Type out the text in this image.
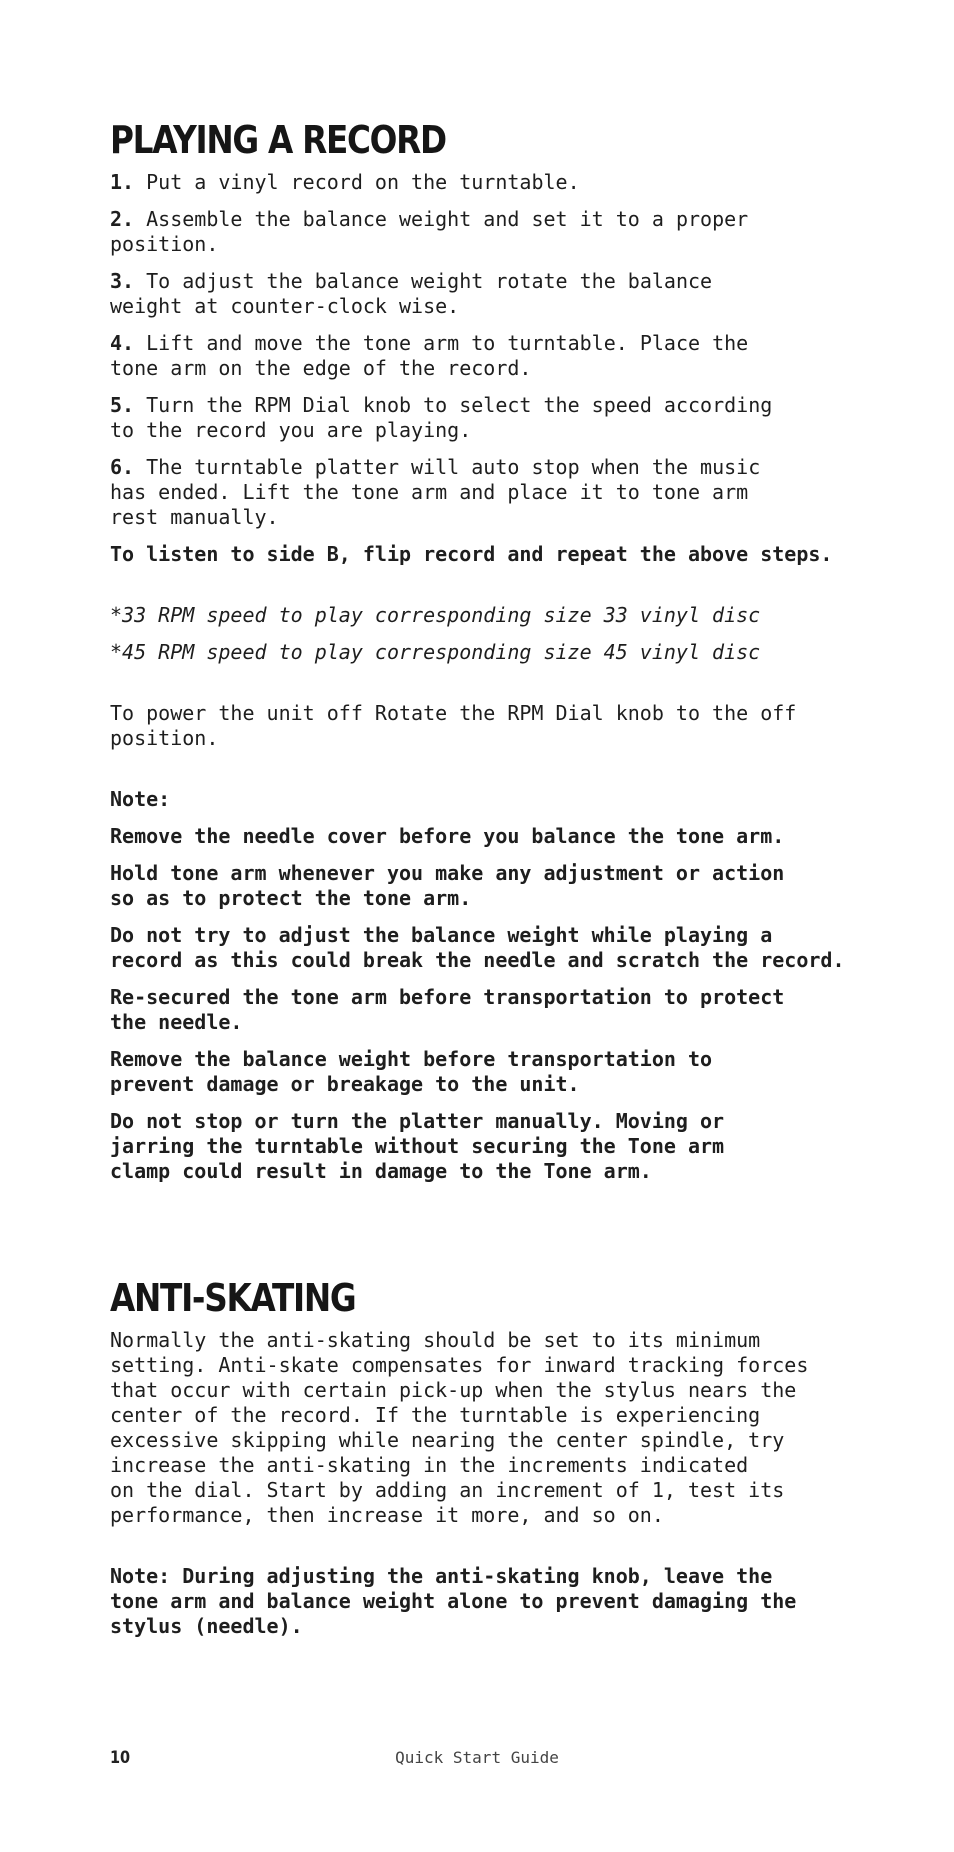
PLAYING A RECORD
1. Put a vinyl record on the turntable.
2. Assemble the balance weight and set it to a proper
position.
3. To adjust the balance weight rotate the balance
weight at counter-clock wise.
4. Lift and move the tone arm to turntable. Place the
tone arm on the edge of the record.
5. Turn the RPM Dial knob to select the speed according
to the record you are playing.
6. The turntable platter will auto stop when the music
has ended. Lift the tone arm and place it to tone arm
rest manually.
To listen to side B, flip record and repeat the above steps.
*33 RPM speed to play corresponding size 33 vinyl disc
*45 RPM speed to play corresponding size 45 vinyl disc
To power the unit off Rotate the RPM Dial knob to the off
position.
Note:
Remove the needle cover before you balance the tone arm.
Hold tone arm whenever you make any adjustment or action
so as to protect the tone arm.
Do not try to adjust the balance weight while playing a
record as this could break the needle and scratch the record.
Re-secured the tone arm before transportation to protect
the needle.
Remove the balance weight before transportation to
prevent damage or breakage to the unit.
Do not stop or turn the platter manually. Moving or
jarring the turntable without securing the Tone arm
clamp could result in damage to the Tone arm.
ANTI-SKATING
Normally the anti-skating should be set to its minimum
setting. Anti-skate compensates for inward tracking forces
that occur with certain pick-up when the stylus nears the
center of the record. If the turntable is experiencing
excessive skipping while nearing the center spindle, try
increase the anti-skating in the increments indicated
on the dial. Start by adding an increment of 1, test its
performance, then increase it more, and so on.
Note: During adjusting the anti-skating knob, leave the
tone arm and balance weight alone to prevent damaging the
stylus (needle).
10	Quick Start Guide
